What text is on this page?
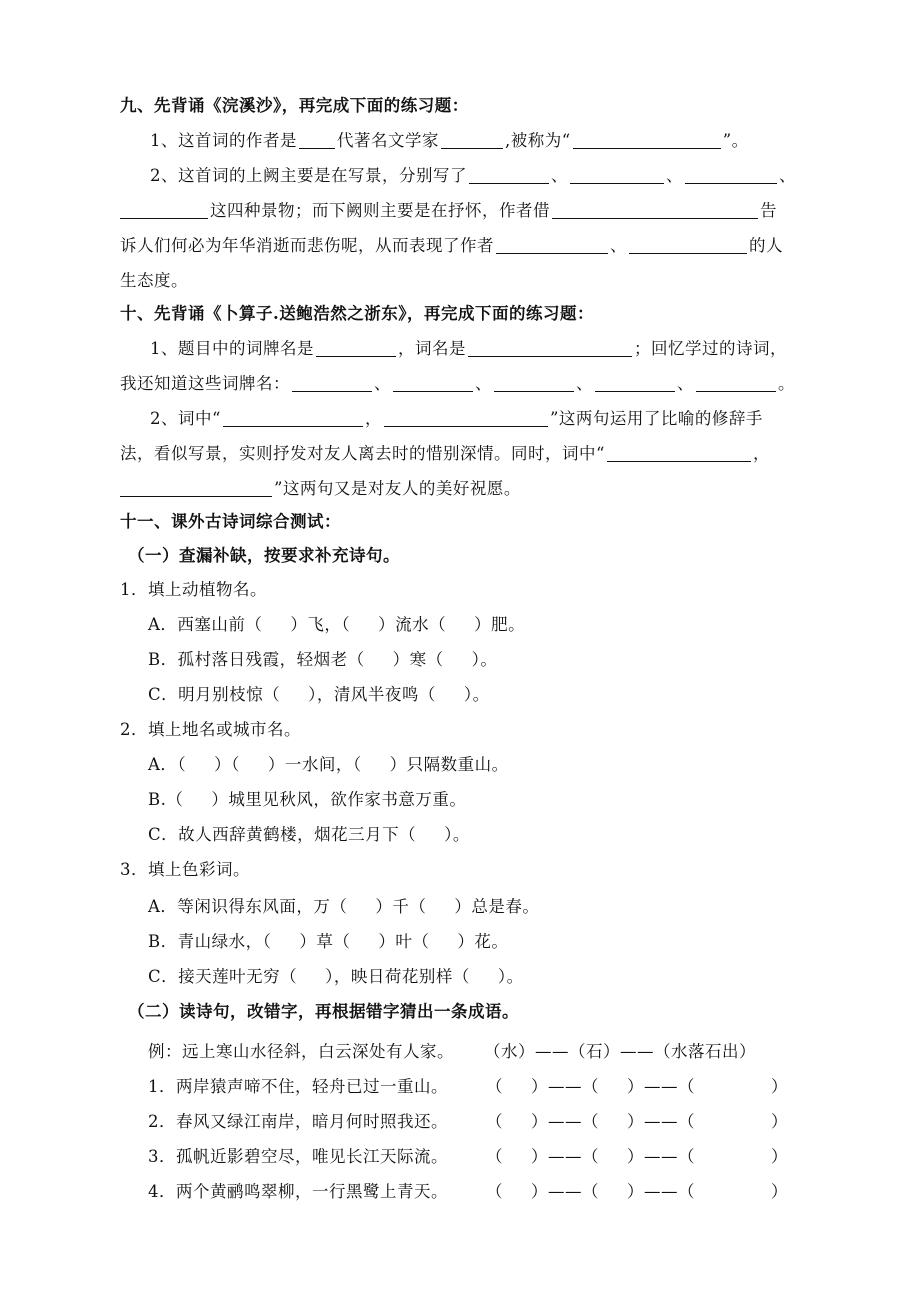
九、先背诵《浣溪沙》，再完成下面的练习题：
1、这首词的作者是 代著名文学家	,被称为“	”。
2、这首词的上阙主要是在写景，分别写了	、	、	、
这四种景物；而下阙则主要是在抒怀，作者借	告
诉人们何必为年华消逝而悲伤呢，从而表现了作者	、	的人
生态度。
十、先背诵《卜算子.送鲍浩然之浙东》，再完成下面的练习题：
1、题目中的词牌名是	，词名是	；回忆学过的诗词，
我还知道这些词牌名：	、	、	、	、	。
2、词中“	，	”这两句运用了比喻的修辞手
法，看似写景，实则抒发对友人离去时的惜别深情。同时，词中“	，
”这两句又是对友人的美好祝愿。
十一、课外古诗词综合测试：
（一）查漏补缺，按要求补充诗句。
1．填上动植物名。
A．西塞山前（ ）飞，（ ）流水（ ）肥。
B．孤村落日残霞，轻烟老（ ）寒（ ）。
C．明月别枝惊（ ），清风半夜鸣（ ）。
2．填上地名或城市名。
A．（ ）（ ）一水间，（ ）只隔数重山。
B.（ ）城里见秋风，欲作家书意万重。
C．故人西辞黄鹤楼，烟花三月下（ ）。
3．填上色彩词。
A．等闲识得东风面，万（ ）千（ ）总是春。
B．青山绿水，（ ）草（ ）叶（ ）花。
C．接天莲叶无穷（ ），映日荷花别样（ ）。
（二）读诗句，改错字，再根据错字猜出一条成语。
例：远上寒山水径斜，白云深处有人家。 （水）——（石）——（水落石出）
1．两岸猿声啼不住，轻舟已过一重山。 （ ）——（ ）——（	）
2．春风又绿江南岸，暗月何时照我还。 （ ）——（ ）——（	）
3．孤帆近影碧空尽，唯见长江天际流。 （ ）——（ ）——（	）
4．两个黄鹂鸣翠柳，一行黑鹭上青天。 （ ）——（ ）——（	）
